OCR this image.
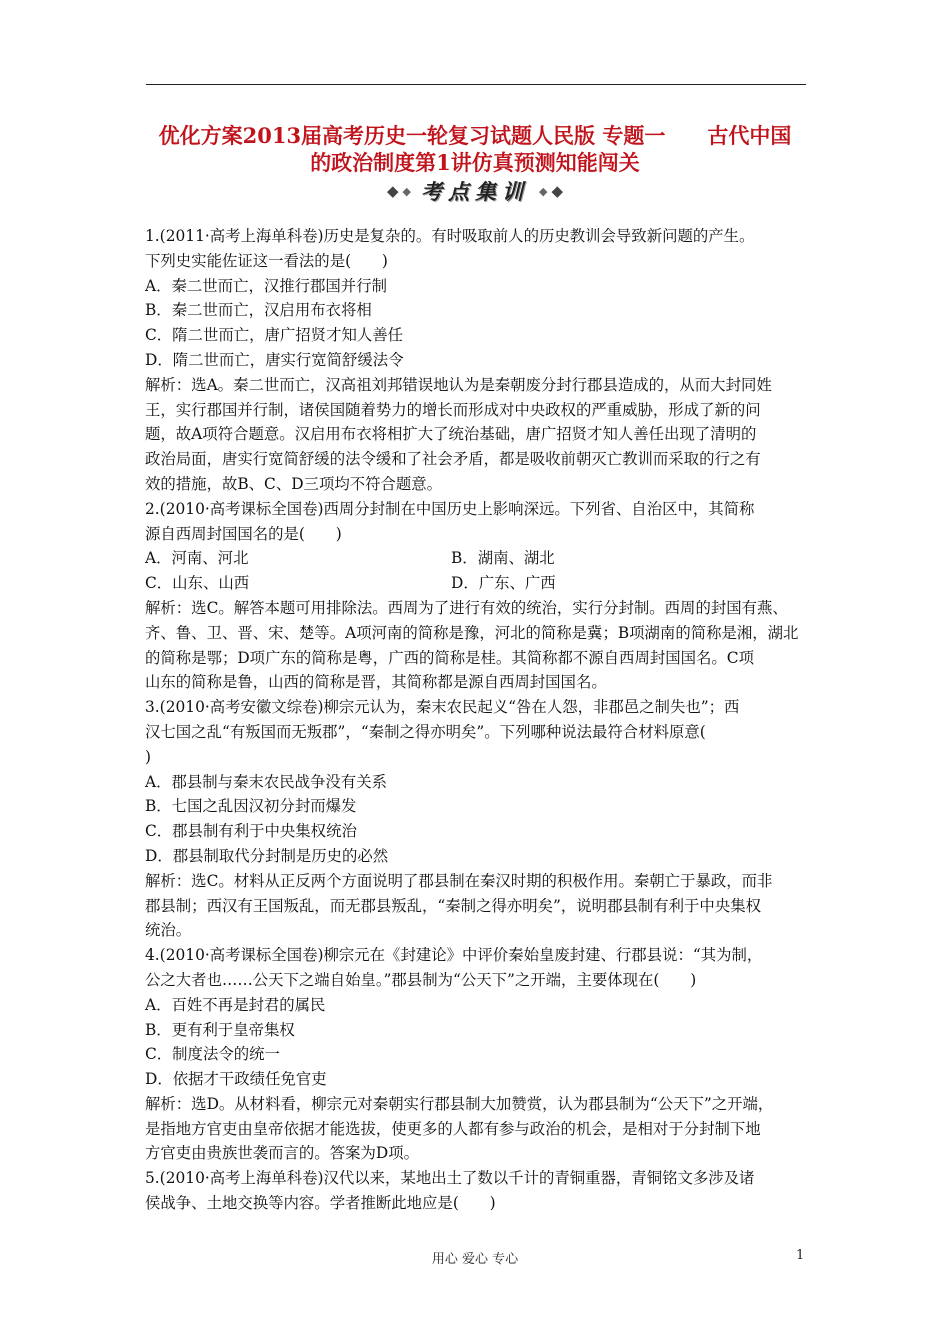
优化方案2013届高考历史一轮复习试题人民版 专题一　　古代中国
的政治制度第1讲仿真预测知能闯关
◆ ◆ 考点集训 ◆ ◆

1.(2011·高考上海单科卷)历史是复杂的。有时吸取前人的历史教训会导致新问题的产生。

下列史实能佐证这一看法的是(　　)

A．秦二世而亡，汉推行郡国并行制

B．秦二世而亡，汉启用布衣将相

C．隋二世而亡，唐广招贤才知人善任

D．隋二世而亡，唐实行宽简舒缓法令

解析：选A。秦二世而亡，汉高祖刘邦错误地认为是秦朝废分封行郡县造成的，从而大封同姓

王，实行郡国并行制，诸侯国随着势力的增长而形成对中央政权的严重威胁，形成了新的问

题，故A项符合题意。汉启用布衣将相扩大了统治基础，唐广招贤才知人善任出现了清明的

政治局面，唐实行宽简舒缓的法令缓和了社会矛盾，都是吸收前朝灭亡教训而采取的行之有

效的措施，故B、C、D三项均不符合题意。

2.(2010·高考课标全国卷)西周分封制在中国历史上影响深远。下列省、自治区中，其简称

源自西周封国国名的是(　　)

A．河南、河北	B．湖南、湖北
C．山东、山西	D．广东、广西

解析：选C。解答本题可用排除法。西周为了进行有效的统治，实行分封制。西周的封国有燕、

齐、鲁、卫、晋、宋、楚等。A项河南的简称是豫，河北的简称是冀；B项湖南的简称是湘，湖北

的简称是鄂；D项广东的简称是粤，广西的简称是桂。其简称都不源自西周封国国名。C项

山东的简称是鲁，山西的简称是晋，其简称都是源自西周封国国名。

3.(2010·高考安徽文综卷)柳宗元认为，秦末农民起义“咎在人怨，非郡邑之制失也”；西

汉七国之乱“有叛国而无叛郡”，“秦制之得亦明矣”。下列哪种说法最符合材料原意(

)

A．郡县制与秦末农民战争没有关系

B．七国之乱因汉初分封而爆发

C．郡县制有利于中央集权统治

D．郡县制取代分封制是历史的必然

解析：选C。材料从正反两个方面说明了郡县制在秦汉时期的积极作用。秦朝亡于暴政，而非

郡县制；西汉有王国叛乱，而无郡县叛乱，“秦制之得亦明矣”，说明郡县制有利于中央集权

统治。

4.(2010·高考课标全国卷)柳宗元在《封建论》中评价秦始皇废封建、行郡县说：“其为制，

公之大者也……公天下之端自始皇。”郡县制为“公天下”之开端，主要体现在(　　)

A．百姓不再是封君的属民

B．更有利于皇帝集权

C．制度法令的统一

D．依据才干政绩任免官吏

解析：选D。从材料看，柳宗元对秦朝实行郡县制大加赞赏，认为郡县制为“公天下”之开端，

是指地方官吏由皇帝依据才能选拔，使更多的人都有参与政治的机会，是相对于分封制下地

方官吏由贵族世袭而言的。答案为D项。

5.(2010·高考上海单科卷)汉代以来，某地出土了数以千计的青铜重器，青铜铭文多涉及诸

侯战争、土地交换等内容。学者推断此地应是(　　)

用心 爱心 专心	1
